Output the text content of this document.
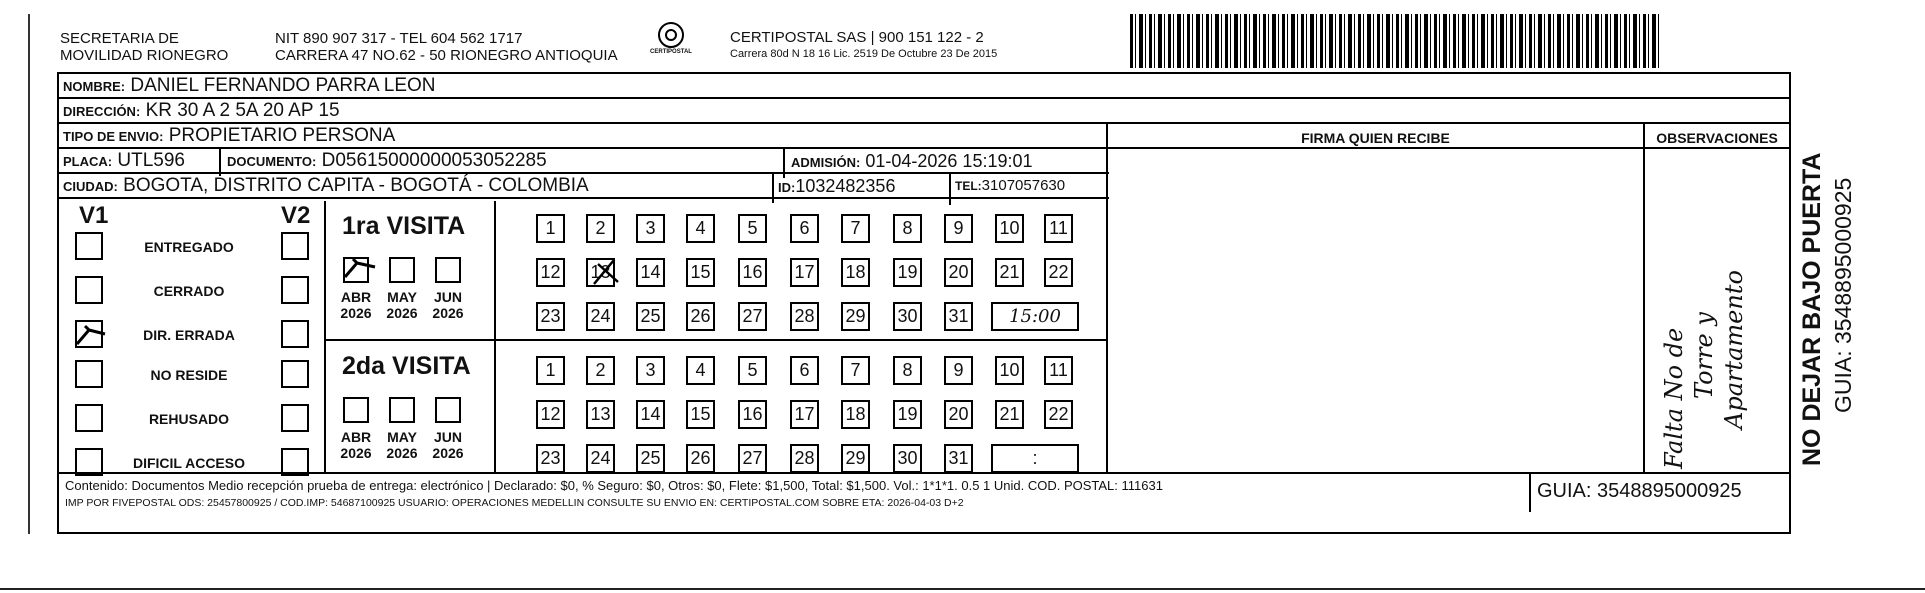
SECRETARIA DE
MOVILIDAD RIONEGRO
NIT 890 907 317 - TEL 604 562 1717
CARRERA 47 NO.62 - 50 RIONEGRO ANTIOQUIA	CERTIPOSTAL
CERTIPOSTAL SAS | 900 151 122 - 2
Carrera 80d N 18 16 Lic. 2519 De Octubre 23 De 2015
NOMBRE: DANIEL FERNANDO PARRA LEON
DIRECCIÓN: KR 30 A 2 5A 20 AP 15
TIPO DE ENVIO: PROPIETARIO PERSONA
PLACA: UTL596	DOCUMENTO: D05615000000053052285	ADMISIÓN: 01-04-2026 15:19:01
CIUDAD: BOGOTA, DISTRITO CAPITA - BOGOTÁ - COLOMBIA	ID:1032482356	TEL:3107057630
FIRMA QUIEN RECIBE	OBSERVACIONES
Falta No de Torre y Apartamento
V1	V2
ENTREGADO
CERRADO
DIR. ERRADA
NO RESIDE
REHUSADO
DIFICIL ACCESO
1ra VISITA
ABR
2026
MAY
2026
JUN
2026
1	2	3	4	5	6	7	8	9	10 11
12 13 14 15 16 17 18 19 20 21 22
23 24 25 26 27 28 29 30 31	15:00
2da VISITA
ABR
2026
MAY
2026
JUN
2026
1	2	3	4	5	6	7	8	9	10 11
12 13 14 15 16 17 18 19 20 21 22
23 24 25 26 27 28 29 30 31	:
Contenido: Documentos Medio recepción prueba de entrega: electrónico | Declarado: $0, % Seguro: $0, Otros: $0, Flete: $1,500, Total: $1,500. Vol.: 1*1*1. 0.5 1 Unid. COD. POSTAL: 111631
IMP POR FIVEPOSTAL ODS: 25457800925 / COD.IMP: 54687100925 USUARIO: OPERACIONES MEDELLIN CONSULTE SU ENVIO EN: CERTIPOSTAL.COM SOBRE ETA: 2026-04-03 D+2
GUIA: 3548895000925
NO DEJAR BAJO PUERTA GUIA: 3548895000925
